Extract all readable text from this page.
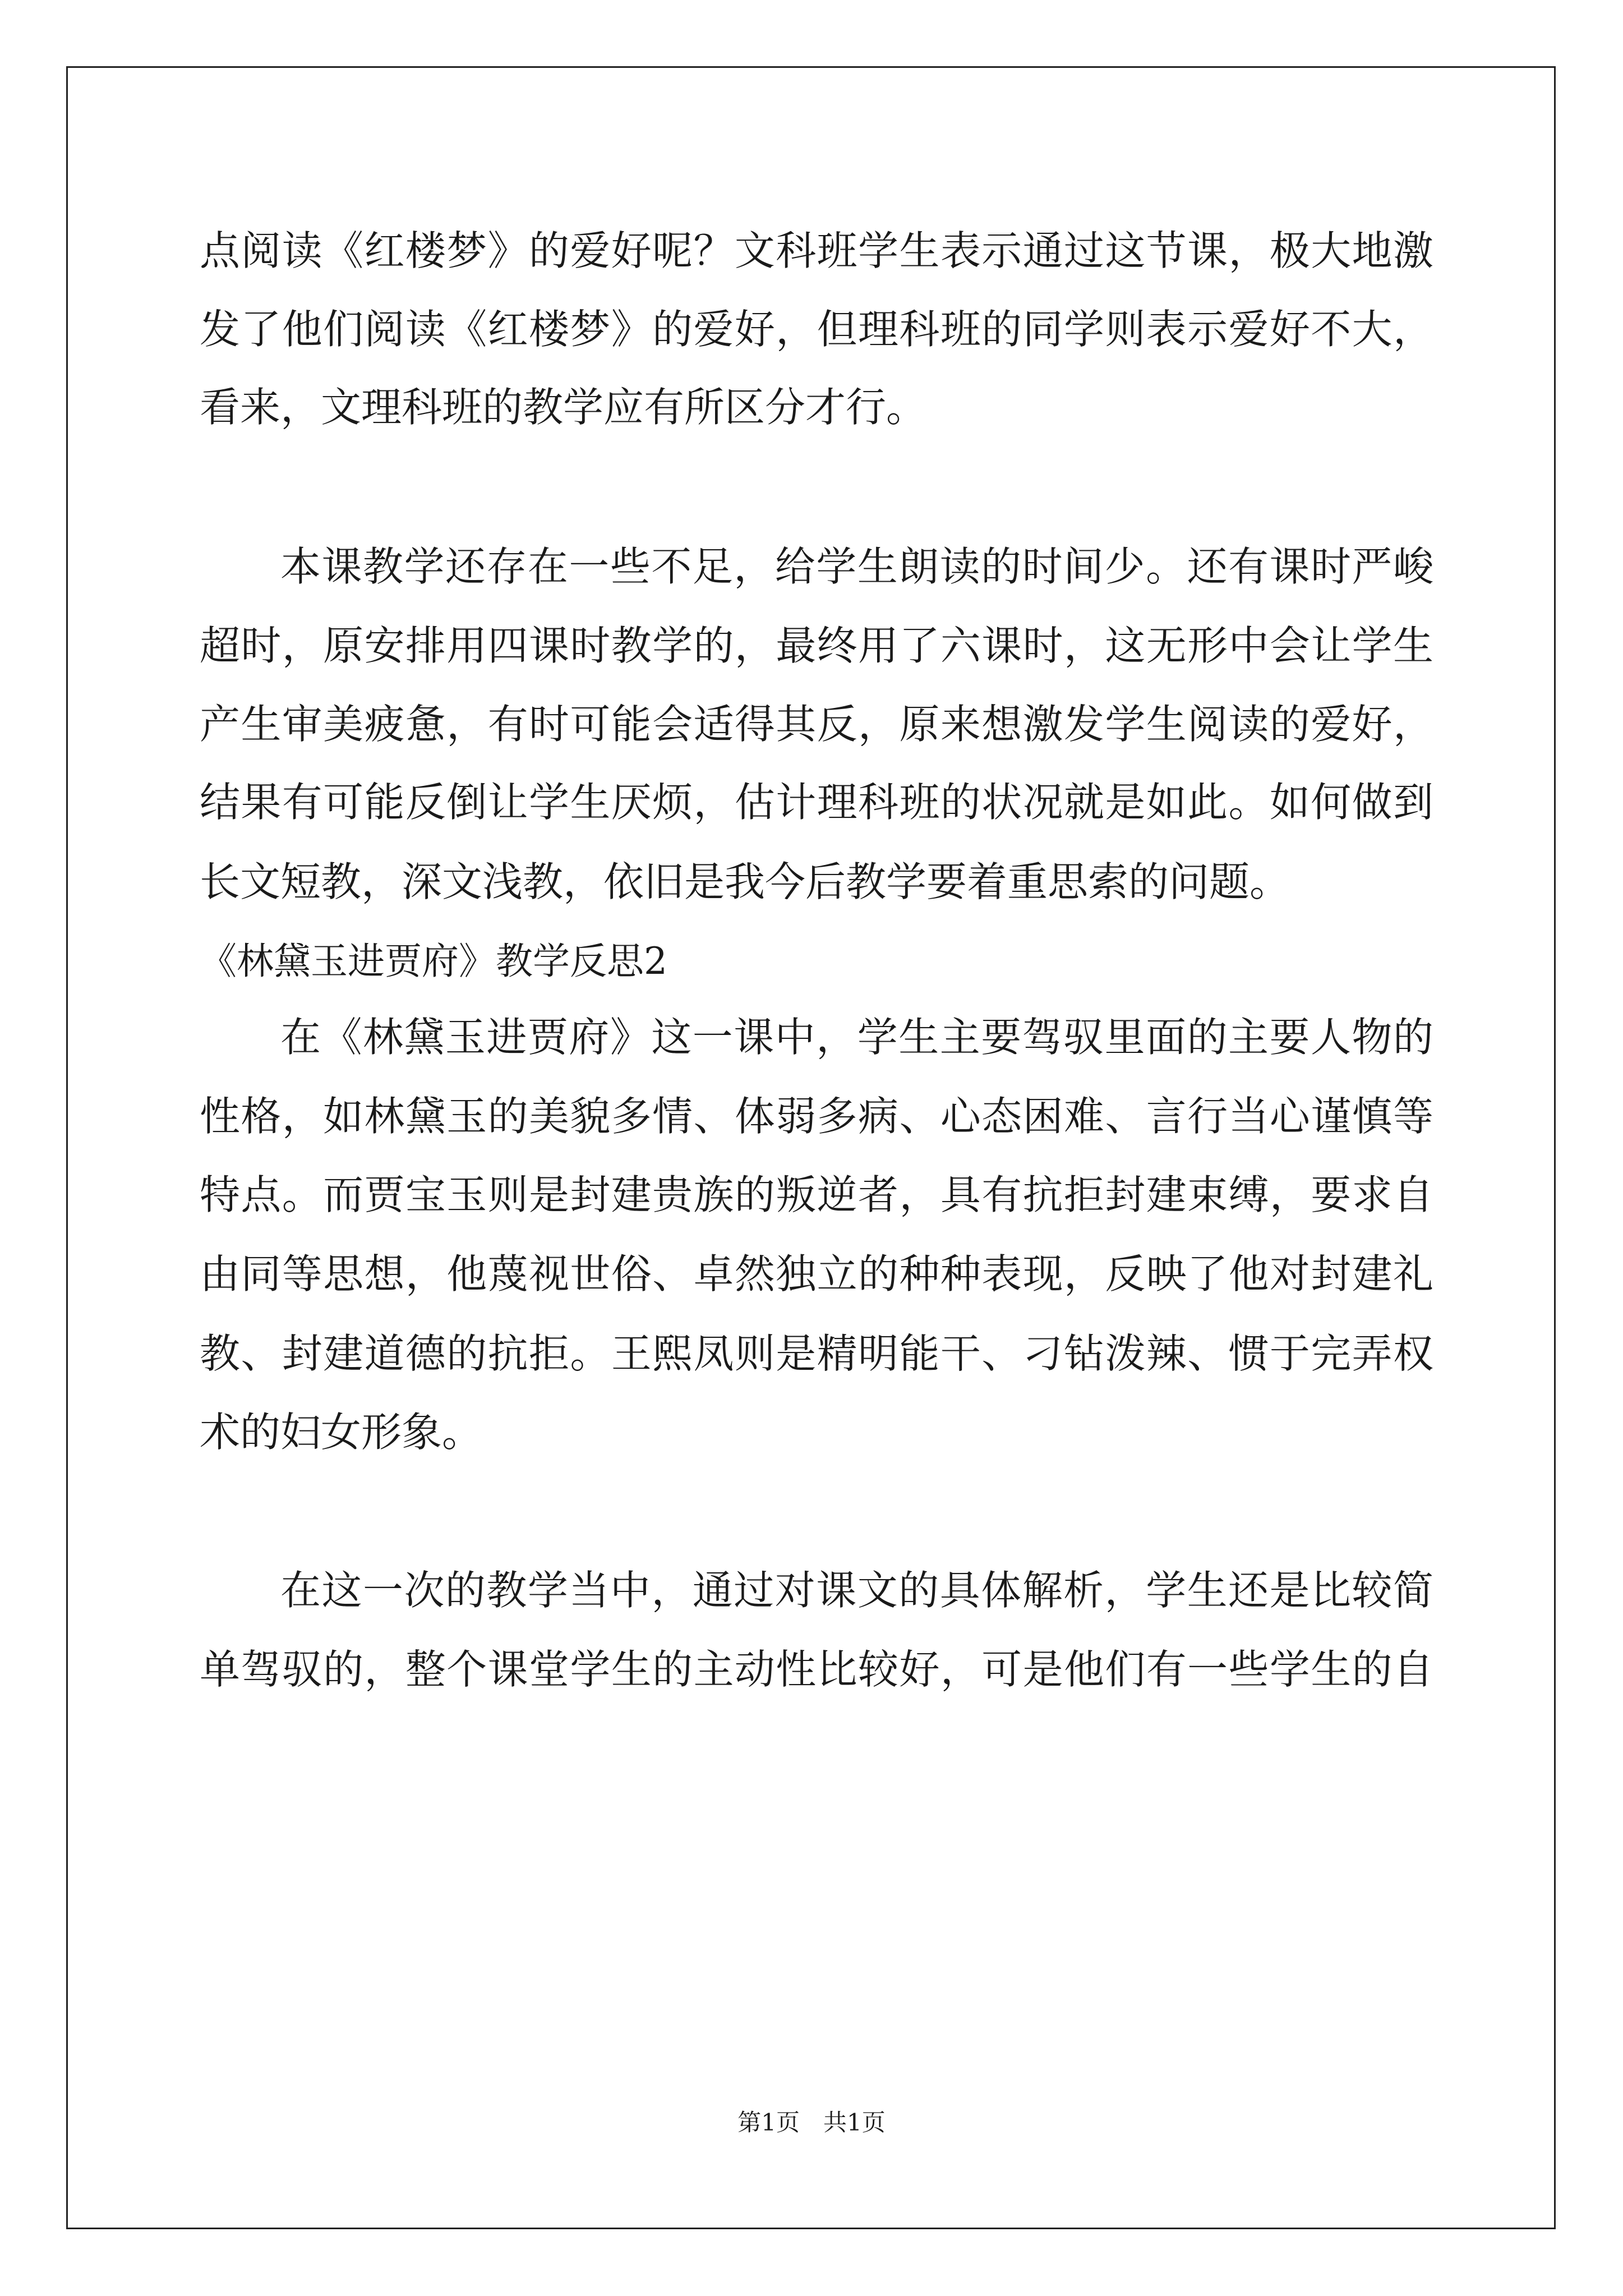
点阅读《红楼梦》的爱好呢？文科班学生表示通过这节课，极大地激
发了他们阅读《红楼梦》的爱好，但理科班的同学则表示爱好不大，
看来，文理科班的教学应有所区分才行。
本课教学还存在一些不足，给学生朗读的时间少。还有课时严峻
超时，原安排用四课时教学的，最终用了六课时，这无形中会让学生
产生审美疲惫，有时可能会适得其反，原来想激发学生阅读的爱好，
结果有可能反倒让学生厌烦，估计理科班的状况就是如此。如何做到
长文短教，深文浅教，依旧是我今后教学要着重思索的问题。
《林黛玉进贾府》教学反思2
在《林黛玉进贾府》这一课中，学生主要驾驭里面的主要人物的
性格，如林黛玉的美貌多情、体弱多病、心态困难、言行当心谨慎等
特点。而贾宝玉则是封建贵族的叛逆者，具有抗拒封建束缚，要求自
由同等思想，他蔑视世俗、卓然独立的种种表现，反映了他对封建礼
教、封建道德的抗拒。王熙凤则是精明能干、刁钻泼辣、惯于完弄权
术的妇女形象。
在这一次的教学当中，通过对课文的具体解析，学生还是比较简
单驾驭的，整个课堂学生的主动性比较好，可是他们有一些学生的自
第1页　共1页
